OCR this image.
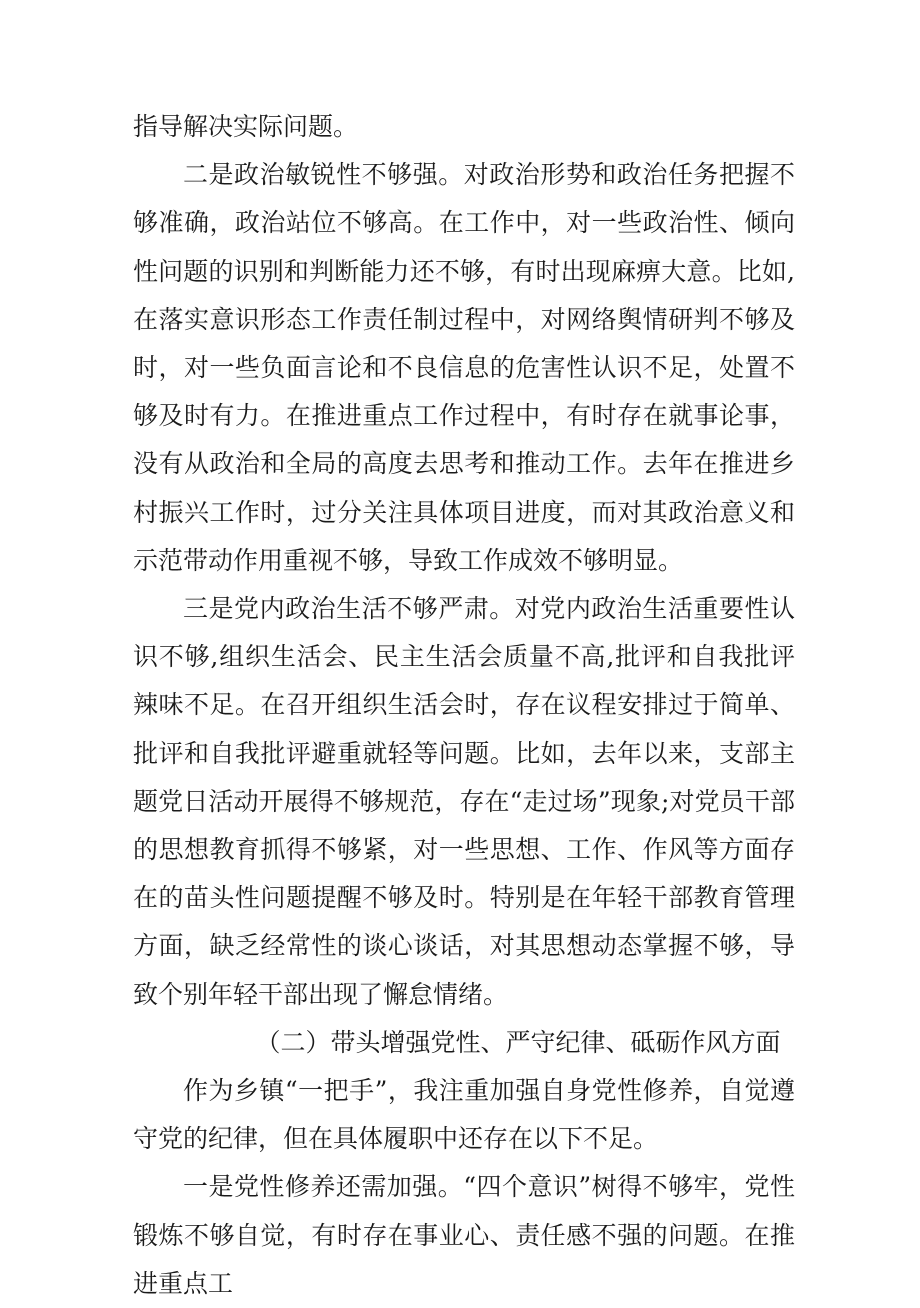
指导解决实际问题。

二是政治敏锐性不够强。对政治形势和政治任务把握不够准确，政治站位不够高。在工作中，对一些政治性、倾向性问题的识别和判断能力还不够，有时出现麻痹大意。比如,在落实意识形态工作责任制过程中，对网络舆情研判不够及时，对一些负面言论和不良信息的危害性认识不足，处置不够及时有力。在推进重点工作过程中，有时存在就事论事，没有从政治和全局的高度去思考和推动工作。去年在推进乡村振兴工作时，过分关注具体项目进度，而对其政治意义和示范带动作用重视不够，导致工作成效不够明显。

三是党内政治生活不够严肃。对党内政治生活重要性认识不够,组织生活会、民主生活会质量不高,批评和自我批评辣味不足。在召开组织生活会时，存在议程安排过于简单、批评和自我批评避重就轻等问题。比如，去年以来，支部主题党日活动开展得不够规范，存在“走过场”现象;对党员干部的思想教育抓得不够紧，对一些思想、工作、作风等方面存在的苗头性问题提醒不够及时。特别是在年轻干部教育管理方面，缺乏经常性的谈心谈话，对其思想动态掌握不够，导致个别年轻干部出现了懈怠情绪。

（二）带头增强党性、严守纪律、砥砺作风方面

作为乡镇“一把手”，我注重加强自身党性修养，自觉遵守党的纪律，但在具体履职中还存在以下不足。

一是党性修养还需加强。“四个意识”树得不够牢，党性锻炼不够自觉，有时存在事业心、责任感不强的问题。在推进重点工
